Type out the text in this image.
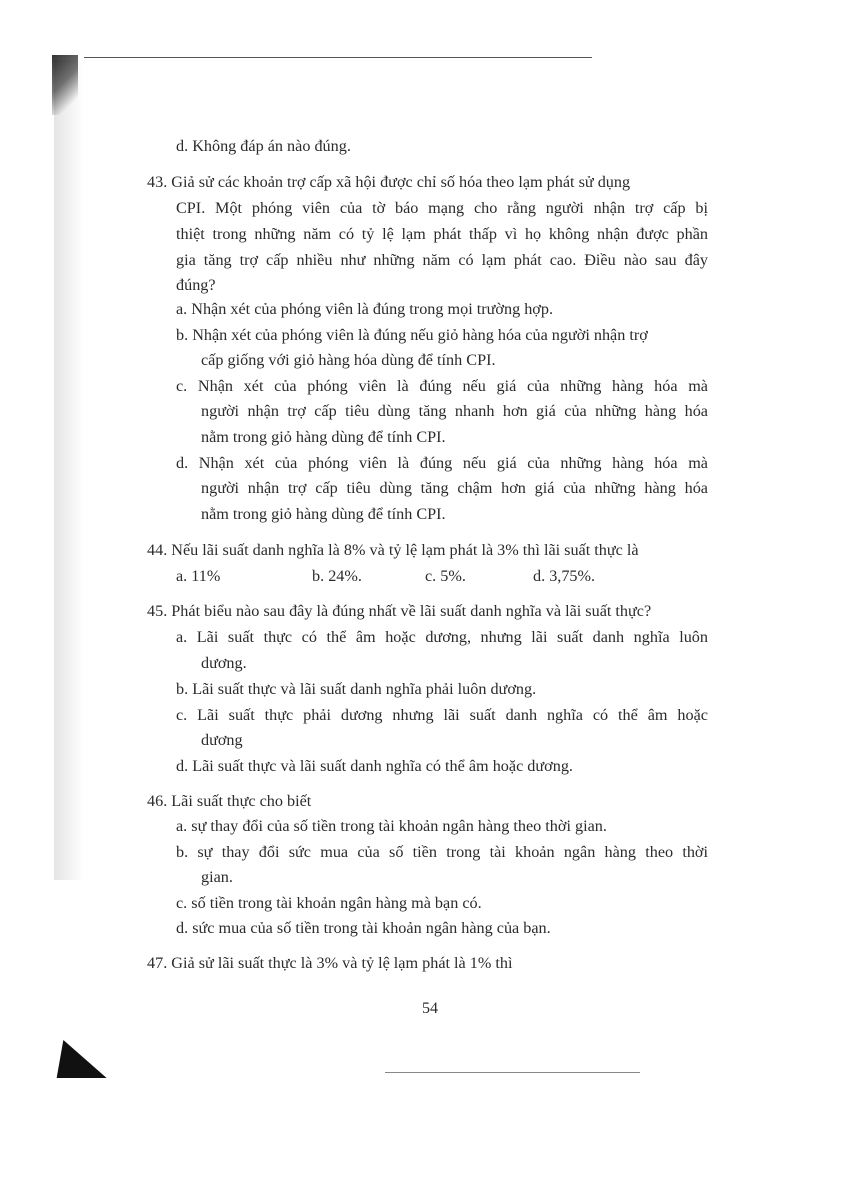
d. Không đáp án nào đúng.
43. Giả sử các khoản trợ cấp xã hội được chỉ số hóa theo lạm phát sử dụng
CPI. Một phóng viên của tờ báo mạng cho rằng người nhận trợ cấp bị
thiệt trong những năm có tỷ lệ lạm phát thấp vì họ không nhận được phần
gia tăng trợ cấp nhiều như những năm có lạm phát cao. Điều nào sau đây
đúng?
a. Nhận xét của phóng viên là đúng trong mọi trường hợp.
b. Nhận xét của phóng viên là đúng nếu giỏ hàng hóa của người nhận trợ
cấp giống với giỏ hàng hóa dùng để tính CPI.
c. Nhận xét của phóng viên là đúng nếu giá của những hàng hóa mà
người nhận trợ cấp tiêu dùng tăng nhanh hơn giá của những hàng hóa
nằm trong giỏ hàng dùng để tính CPI.
d. Nhận xét của phóng viên là đúng nếu giá của những hàng hóa mà
người nhận trợ cấp tiêu dùng tăng chậm hơn giá của những hàng hóa
nằm trong giỏ hàng dùng để tính CPI.
44. Nếu lãi suất danh nghĩa là 8% và tỷ lệ lạm phát là 3% thì lãi suất thực là
a. 11%	b. 24%.	c. 5%.	d. 3,75%.
45. Phát biểu nào sau đây là đúng nhất về lãi suất danh nghĩa và lãi suất thực?
a. Lãi suất thực có thể âm hoặc dương, nhưng lãi suất danh nghĩa luôn
dương.
b. Lãi suất thực và lãi suất danh nghĩa phải luôn dương.
c. Lãi suất thực phải dương nhưng lãi suất danh nghĩa có thể âm hoặc
dương
d. Lãi suất thực và lãi suất danh nghĩa có thể âm hoặc dương.
46. Lãi suất thực cho biết
a. sự thay đổi của số tiền trong tài khoản ngân hàng theo thời gian.
b. sự thay đổi sức mua của số tiền trong tài khoản ngân hàng theo thời
gian.
c. số tiền trong tài khoản ngân hàng mà bạn có.
d. sức mua của số tiền trong tài khoản ngân hàng của bạn.
47. Giả sử lãi suất thực là 3% và tỷ lệ lạm phát là 1% thì
54
